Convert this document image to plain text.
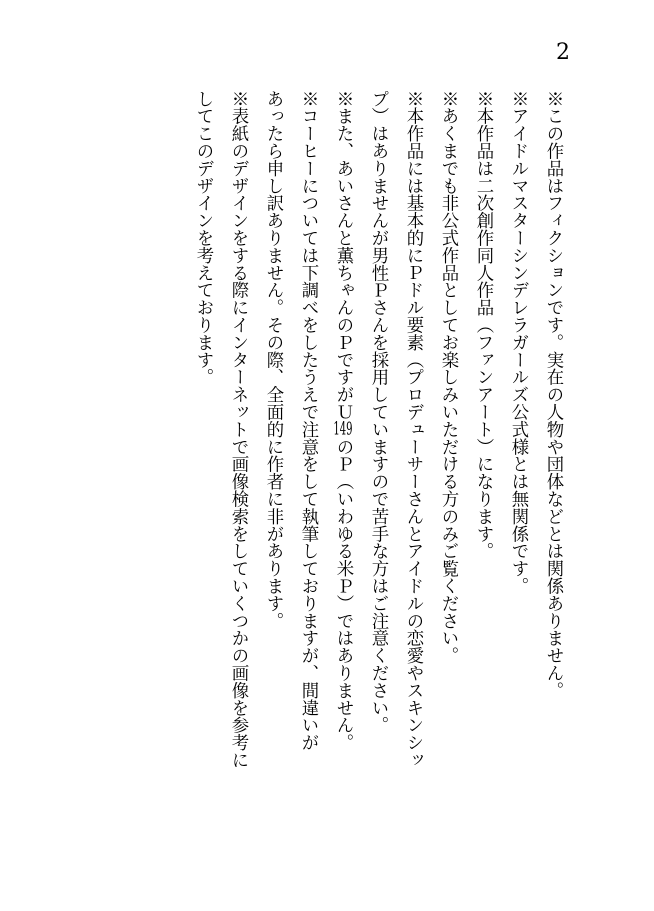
2
※この作品はフィクションです。実在の人物や団体などとは関係ありません。
※アイドルマスターシンデレラガールズ公式様とは無関係です。
※本作品は二次創作同人作品（ファンアート）になります。
※あくまでも非公式作品としてお楽しみいただける方のみご覧ください。
※本作品には基本的にＰドル要素（プロデューサーさんとアイドルの恋愛やスキンシッ
プ）はありませんが男性Ｐさんを採用していますので苦手な方はご注意ください。
※また、あいさんと薫ちゃんのＰですがＵ149のＰ（いわゆる米Ｐ）ではありません。
※コーヒーについては下調べをしたうえで注意をして執筆しておりますが、間違いが
あったら申し訳ありません。その際、全面的に作者に非があります。
※表紙のデザインをする際にインターネットで画像検索をしていくつかの画像を参考に
してこのデザインを考えております。
